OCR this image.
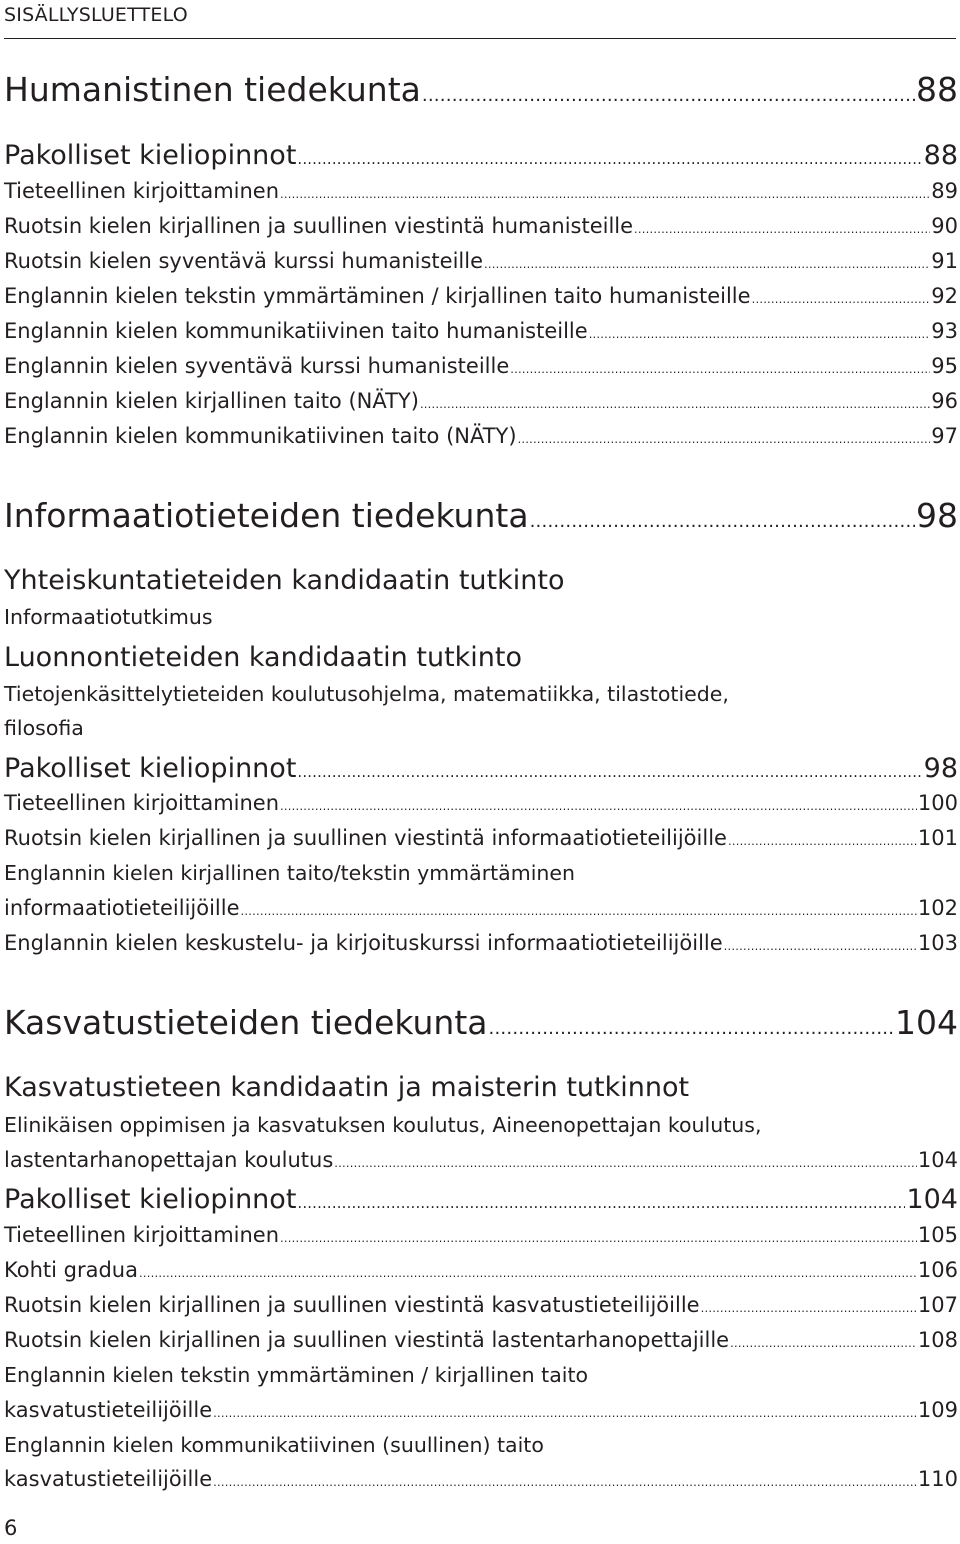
SISÄLLYSLUETTELO
Humanistinen tiedekunta .....	88
Pakolliset kieliopinnot .....	88
Tieteellinen kirjoittaminen .....	89
Ruotsin kielen kirjallinen ja suullinen viestintä humanisteille .....	90
Ruotsin kielen syventävä kurssi humanisteille .....	91
Englannin kielen tekstin ymmärtäminen / kirjallinen taito humanisteille .....	92
Englannin kielen kommunikatiivinen taito humanisteille .....	93
Englannin kielen syventävä kurssi humanisteille .....	95
Englannin kielen kirjallinen taito (NÄTY) .....	96
Englannin kielen kommunikatiivinen taito (NÄTY) .....	97
Informaatiotieteiden tiedekunta .....	98
Yhteiskuntatieteiden kandidaatin tutkinto
Informaatiotutkimus
Luonnontieteiden kandidaatin tutkinto
Tietojenkäsittelytieteiden koulutusohjelma, matematiikka, tilastotiede,
filosofia
Pakolliset kieliopinnot .....	98
Tieteellinen kirjoittaminen .....	100
Ruotsin kielen kirjallinen ja suullinen viestintä informaatiotieteilijöille .....	101
Englannin kielen kirjallinen taito/tekstin ymmärtäminen
informaatiotieteilijöille .....	102
Englannin kielen keskustelu- ja kirjoituskurssi informaatiotieteilijöille .....	103
Kasvatustieteiden tiedekunta .....	104
Kasvatustieteen kandidaatin ja maisterin tutkinnot
Elinikäisen oppimisen ja kasvatuksen koulutus, Aineenopettajan koulutus,
lastentarhanopettajan koulutus .....	104
Pakolliset kieliopinnot .....	104
Tieteellinen kirjoittaminen .....	105
Kohti gradua .....	106
Ruotsin kielen kirjallinen ja suullinen viestintä kasvatustieteilijöille .....	107
Ruotsin kielen kirjallinen ja suullinen viestintä lastentarhanopettajille .....	108
Englannin kielen tekstin ymmärtäminen / kirjallinen taito
kasvatustieteilijöille .....	109
Englannin kielen kommunikatiivinen (suullinen) taito
kasvatustieteilijöille .....	110
6
